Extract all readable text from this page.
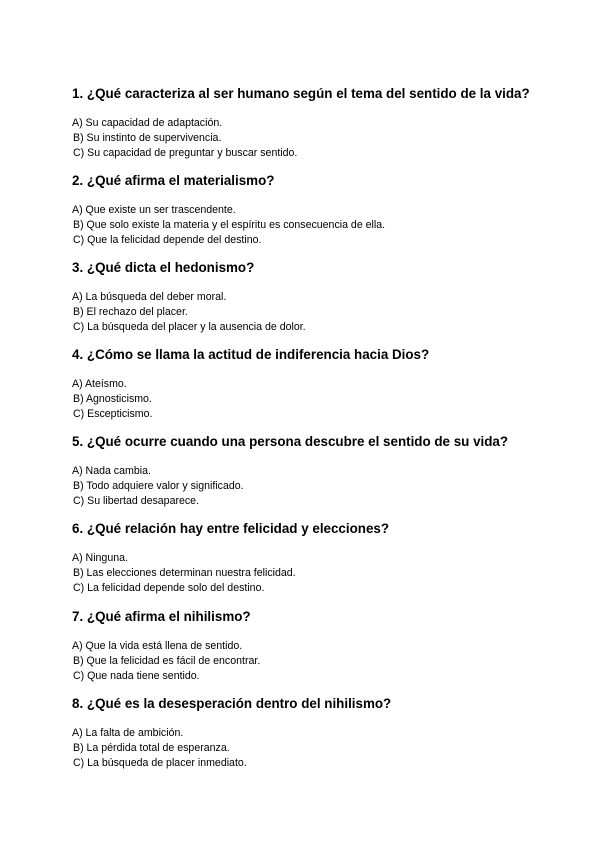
1. ¿Qué caracteriza al ser humano según el tema del sentido de la vida?

A) Su capacidad de adaptación.
B) Su instinto de supervivencia.
C) Su capacidad de preguntar y buscar sentido.

2. ¿Qué afirma el materialismo?

A) Que existe un ser trascendente.
B) Que solo existe la materia y el espíritu es consecuencia de ella.
C) Que la felicidad depende del destino.

3. ¿Qué dicta el hedonismo?

A) La búsqueda del deber moral.
B) El rechazo del placer.
C) La búsqueda del placer y la ausencia de dolor.

4. ¿Cómo se llama la actitud de indiferencia hacia Dios?

A) Ateísmo.
B) Agnosticismo.
C) Escepticismo.

5. ¿Qué ocurre cuando una persona descubre el sentido de su vida?

A) Nada cambia.
B) Todo adquiere valor y significado.
C) Su libertad desaparece.

6. ¿Qué relación hay entre felicidad y elecciones?

A) Ninguna.
B) Las elecciones determinan nuestra felicidad.
C) La felicidad depende solo del destino.

7. ¿Qué afirma el nihilismo?

A) Que la vida está llena de sentido.
B) Que la felicidad es fácil de encontrar.
C) Que nada tiene sentido.

8. ¿Qué es la desesperación dentro del nihilismo?

A) La falta de ambición.
B) La pérdida total de esperanza.
C) La búsqueda de placer inmediato.
